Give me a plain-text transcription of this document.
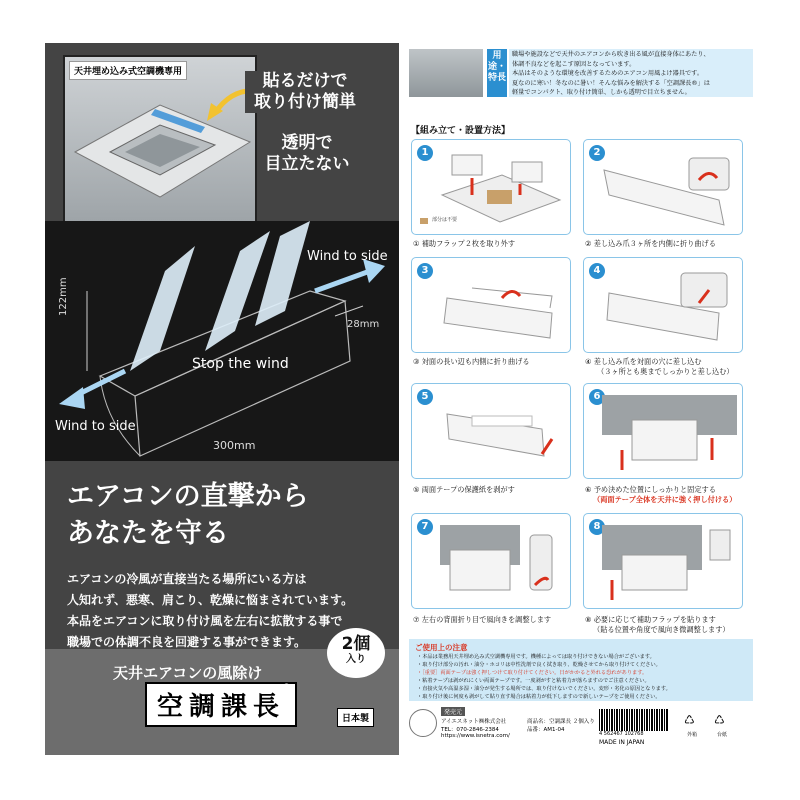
天井埋め込み式空調機専用	貼るだけで
取り付け簡単
透明で
目立たない
Wind to side
Wind to side
Stop the wind
122mm
28mm
300mm
エアコンの直撃から
あなたを守る
エアコンの冷風が直接当たる場所にいる方は
人知れず、悪寒、肩こり、乾燥に悩まされています。
本品をエアコンに取り付け風を左右に拡散する事で
職場での体調不良を回避する事ができます。	2個
入り
天井エアコンの風除け
空調課長
®
日本製
用途・特長
職場や施設などで天井のエアコンから吹き出る風が直接身体にあたり、
体調不良などを起こす原因となっています。
本品はそのような環境を改善するためのエアコン用風よけ器具です。
夏なのに寒い！冬なのに暑い！そんな悩みを解決する「空調課長®」は
軽量でコンパクト、取り付け簡単、しかも透明で目立ちません。
【組み立て・設置方法】
1
部分は不要
① 補助フラップ２枚を取り外す
2
② 差し込み爪３ヶ所を内側に折り曲げる
3
③ 対面の長い辺も内側に折り曲げる
4
④ 差し込み爪を対面の穴に差し込む
（３ヶ所とも奥までしっかりと差し込む）
5
⑤ 両面テープの保護紙を剥がす
6
⑥ 予め決めた位置にしっかりと固定する
（両面テープ全体を天井に強く押し付ける）
7
⑦ 左右の背面折り目で風向きを調整します
8
⑧ 必要に応じて補助フラップを貼ります
（貼る位置や角度で風向き微調整します）
ご使用上の注意
・本品は業務用天井埋め込み式空調機専用です。機種によっては取り付けできない場合がございます。
・取り付け部分の汚れ・油分・ホコリは中性洗剤で良く拭き取り、乾燥させてから取り付けてください。
・［重要］両面テープは強く押しつけて取り付けてください。日がかかると外れる恐れがあります。
・粘着テープは剥がれにくい両面テープです。一度剥がすと粘着力が落ちますのでご注意ください。
・直接火気や高温多湿・油分が発生する場所では、取り付けないでください。変形・劣化の原因となります。
・取り付け後に何度も剥がして貼り直す場合は粘着力が低下しますので新しいテープをご使用ください。
発売元
アイエスネット㈱株式会社
TEL：070-2846-2384
https://www.isnetra.com/
商品名：空調課長 ２個入り
品番：AM1-04
4 562467 102768
MADE IN JAPAN
♺
外箱
♺
台紙
